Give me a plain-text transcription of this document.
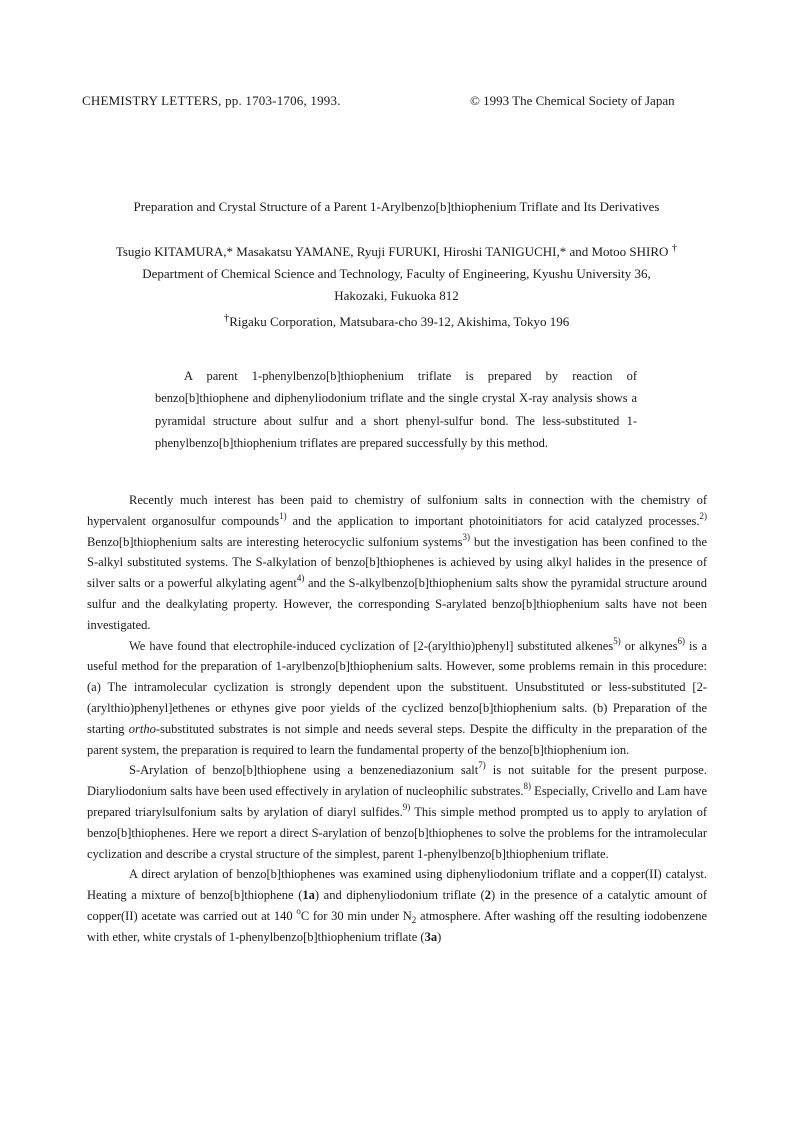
CHEMISTRY LETTERS, pp. 1703-1706, 1993.	© 1993 The Chemical Society of Japan
Preparation and Crystal Structure of a Parent 1-Arylbenzo[b]thiophenium Triflate and Its Derivatives
Tsugio KITAMURA,* Masakatsu YAMANE, Ryuji FURUKI, Hiroshi TANIGUCHI,* and Motoo SHIRO †
Department of Chemical Science and Technology, Faculty of Engineering, Kyushu University 36,
Hakozaki, Fukuoka 812
†Rigaku Corporation, Matsubara-cho 39-12, Akishima, Tokyo 196

A parent 1-phenylbenzo[b]thiophenium triflate is prepared by reaction of benzo[b]thiophene and diphenyliodonium triflate and the single crystal X-ray analysis shows a pyramidal structure about sulfur and a short phenyl-sulfur bond. The less-substituted 1-phenylbenzo[b]thiophenium triflates are prepared successfully by this method.

Recently much interest has been paid to chemistry of sulfonium salts in connection with the chemistry of hypervalent organosulfur compounds$^{1)}$ and the application to important photoinitiators for acid catalyzed processes.$^{2)}$ Benzo[b]thiophenium salts are interesting heterocyclic sulfonium systems$^{3)}$ but the investigation has been confined to the S-alkyl substituted systems. The S-alkylation of benzo[b]thiophenes is achieved by using alkyl halides in the presence of silver salts or a powerful alkylating agent$^{4)}$ and the S-alkylbenzo[b]thiophenium salts show the pyramidal structure around sulfur and the dealkylating property. However, the corresponding S-arylated benzo[b]thiophenium salts have not been investigated.

We have found that electrophile-induced cyclization of [2-(arylthio)phenyl] substituted alkenes$^{5)}$ or alkynes$^{6)}$ is a useful method for the preparation of 1-arylbenzo[b]thiophenium salts. However, some problems remain in this procedure: (a) The intramolecular cyclization is strongly dependent upon the substituent. Unsubstituted or less-substituted [2-(arylthio)phenyl]ethenes or ethynes give poor yields of the cyclized benzo[b]thiophenium salts. (b) Preparation of the starting ortho-substituted substrates is not simple and needs several steps. Despite the difficulty in the preparation of the parent system, the preparation is required to learn the fundamental property of the benzo[b]thiophenium ion.

S-Arylation of benzo[b]thiophene using a benzenediazonium salt$^{7)}$ is not suitable for the present purpose. Diaryliodonium salts have been used effectively in arylation of nucleophilic substrates.$^{8)}$ Especially, Crivello and Lam have prepared triarylsulfonium salts by arylation of diaryl sulfides.$^{9)}$ This simple method prompted us to apply to arylation of benzo[b]thiophenes. Here we report a direct S-arylation of benzo[b]thiophenes to solve the problems for the intramolecular cyclization and describe a crystal structure of the simplest, parent 1-phenylbenzo[b]thiophenium triflate.

A direct arylation of benzo[b]thiophenes was examined using diphenyliodonium triflate and a copper(II) catalyst. Heating a mixture of benzo[b]thiophene (1a) and diphenyliodonium triflate (2) in the presence of a catalytic amount of copper(II) acetate was carried out at 140 $^o$C for 30 min under $N_2$ atmosphere. After washing off the resulting iodobenzene with ether, white crystals of 1-phenylbenzo[b]thiophenium triflate (3a)
